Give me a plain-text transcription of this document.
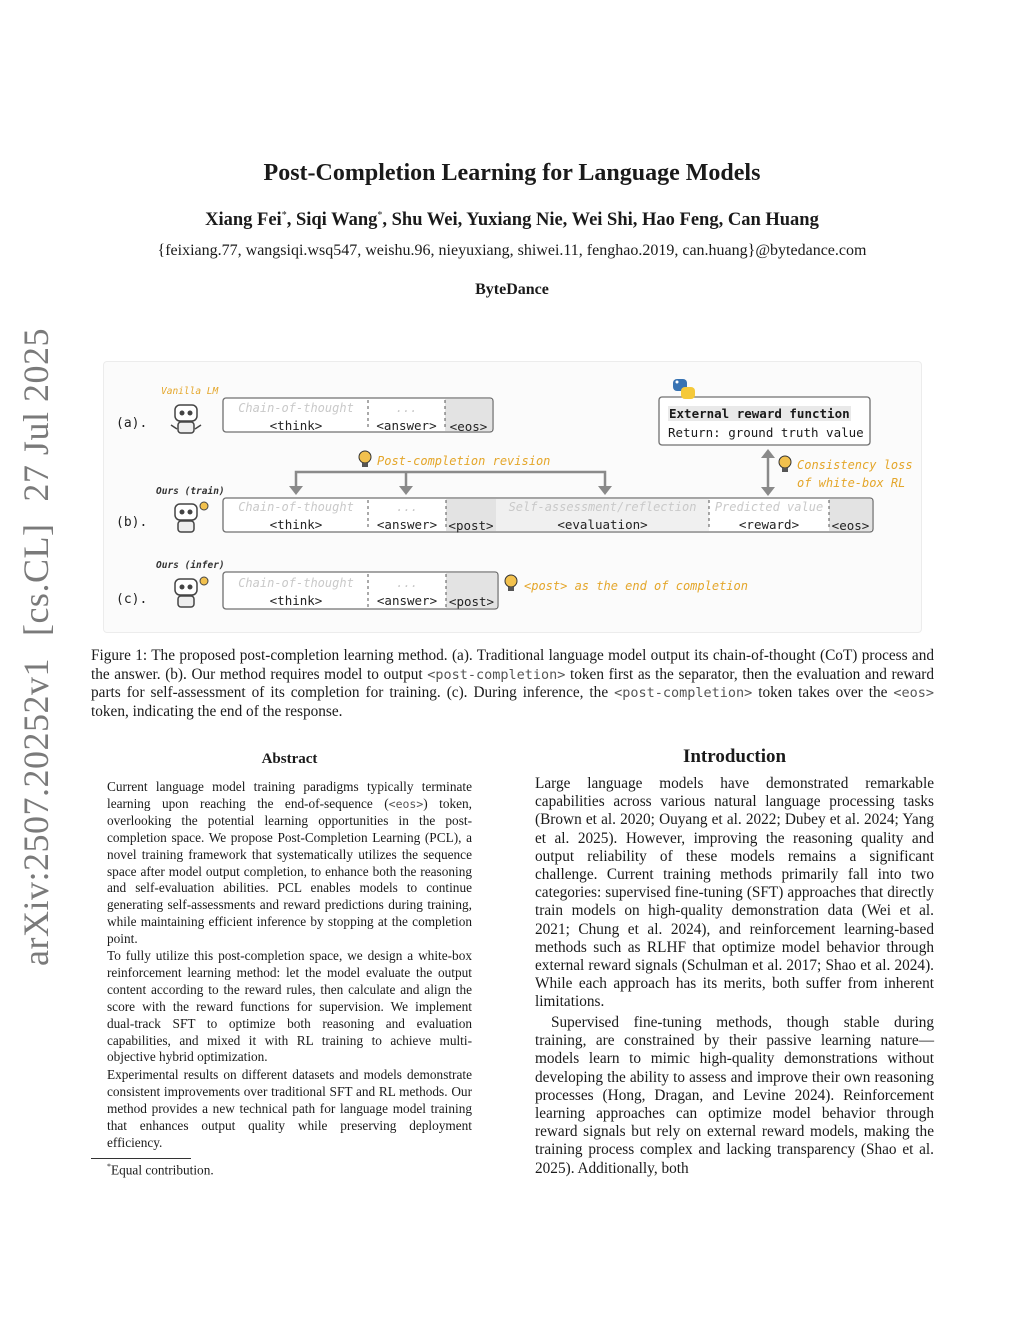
arXiv:2507.20252v1
[cs.CL]
27 Jul 2025
Post-Completion Learning for Language Models
Xiang Fei*, Siqi Wang*, Shu Wei, Yuxiang Nie, Wei Shi, Hao Feng, Can Huang
{feixiang.77, wangsiqi.wsq547, weishu.96, nieyuxiang, shiwei.11, fenghao.2019, can.huang}@bytedance.com
ByteDance
(a).
(b).
(c).
Vanilla LM
Ours (train)
Ours (infer)
Chain-of-thought
<think>
...
<answer>	<eos>
Chain-of-thought
<think>
...
<answer> <post>
Self-assessment/reflection
<evaluation>
Predicted value
<reward>	<eos>
Chain-of-thought
<think>
...
<answer> <post>
External reward function
Return: ground truth value
Post-completion revision	Consistency loss
of white-box RL
<post> as the end of completion
Figure 1: The proposed post-completion learning method. (a). Traditional language model output its chain-of-thought (CoT) process and the answer. (b). Our method requires model to output <post-completion> token first as the separator, then the evaluation and reward parts for self-assessment of its completion for training. (c). During inference, the <post-completion> token takes over the <eos> token, indicating the end of the response.
Abstract
Current language model training paradigms typically terminate learning upon reaching the end-of-sequence (<eos>) token, overlooking the potential learning opportunities in the post-completion space. We propose Post-Completion Learning (PCL), a novel training framework that systematically utilizes the sequence space after model output completion, to enhance both the reasoning and self-evaluation abilities. PCL enables models to continue generating self-assessments and reward predictions during training, while maintaining efficient inference by stopping at the completion point.
To fully utilize this post-completion space, we design a white-box reinforcement learning method: let the model evaluate the output content according to the reward rules, then calculate and align the score with the reward functions for supervision. We implement dual-track SFT to optimize both reasoning and evaluation capabilities, and mixed it with RL training to achieve multi-objective hybrid optimization.
Experimental results on different datasets and models demonstrate consistent improvements over traditional SFT and RL methods. Our method provides a new technical path for language model training that enhances output quality while preserving deployment efficiency.
*Equal contribution.
Introduction
Large language models have demonstrated remarkable capabilities across various natural language processing tasks (Brown et al. 2020; Ouyang et al. 2022; Dubey et al. 2024; Yang et al. 2025). However, improving the reasoning quality and output reliability of these models remains a significant challenge. Current training methods primarily fall into two categories: supervised fine-tuning (SFT) approaches that directly train models on high-quality demonstration data (Wei et al. 2021; Chung et al. 2024), and reinforcement learning-based methods such as RLHF that optimize model behavior through external reward signals (Schulman et al. 2017; Shao et al. 2024). While each approach has its merits, both suffer from inherent limitations.
Supervised fine-tuning methods, though stable during training, are constrained by their passive learning nature—models learn to mimic high-quality demonstrations without developing the ability to assess and improve their own reasoning processes (Hong, Dragan, and Levine 2024). Reinforcement learning approaches can optimize model behavior through reward signals but rely on external reward models, making the training process complex and lacking transparency (Shao et al. 2025). Additionally, both
